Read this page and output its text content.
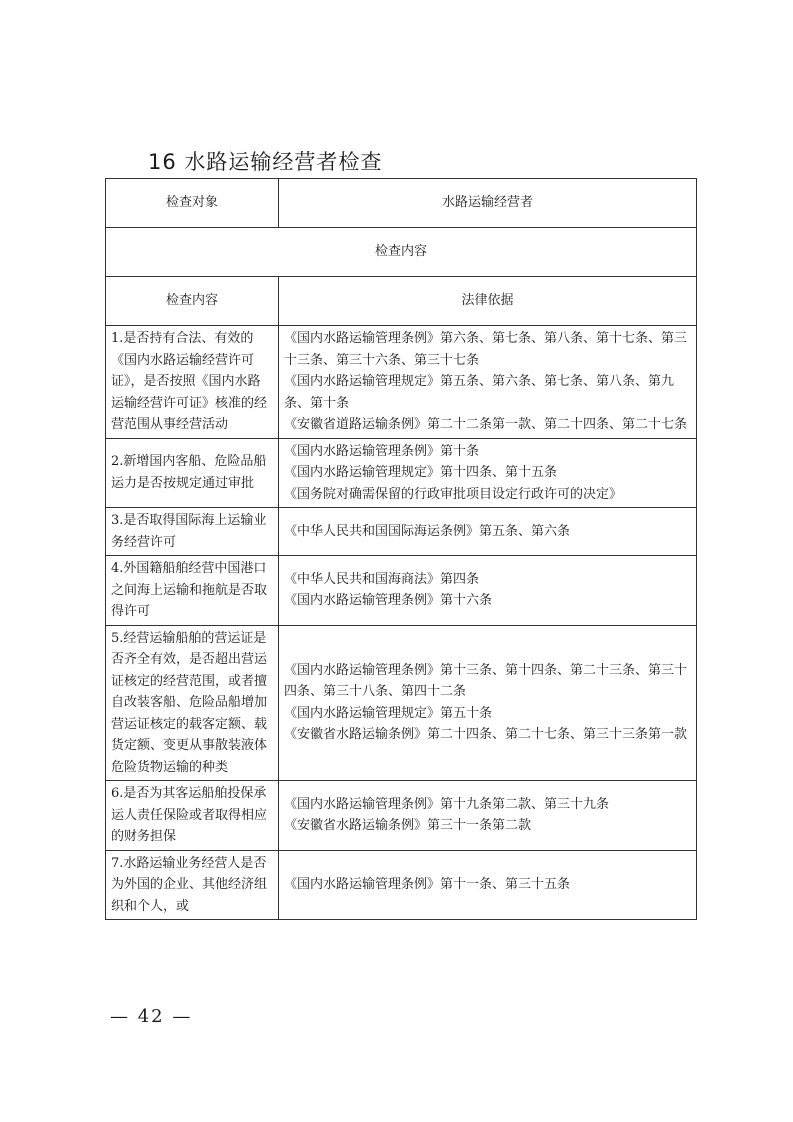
16 水路运输经营者检查
检查对象	水路运输经营者
检查内容	
检查内容	法律依据
1.是否持有合法、有效的《国内水路运输经营许可证》，是否按照《国内水路运输经营许可证》核准的经营范围从事经营活动	《国内水路运输管理条例》第六条、第七条、第八条、第十七条、第三十三条、第三十六条、第三十七条
《国内水路运输管理规定》第五条、第六条、第七条、第八条、第九条、第十条
《安徽省道路运输条例》第二十二条第一款、第二十四条、第二十七条

2.新增国内客船、危险品船运力是否按规定通过审批	《国内水路运输管理条例》第十条
《国内水路运输管理规定》第十四条、第十五条
《国务院对确需保留的行政审批项目设定行政许可的决定》

3.是否取得国际海上运输业务经营许可	《中华人民共和国国际海运条例》第五条、第六条

4.外国籍船舶经营中国港口之间海上运输和拖航是否取得许可	《中华人民共和国海商法》第四条
《国内水路运输管理条例》第十六条

5.经营运输船舶的营运证是否齐全有效，是否超出营运证核定的经营范围，或者擅自改装客船、危险品船增加营运证核定的载客定额、载货定额、变更从事散装液体危险货物运输的种类	《国内水路运输管理条例》第十三条、第十四条、第二十三条、第三十四条、第三十八条、第四十二条
《国内水路运输管理规定》第五十条
《安徽省水路运输条例》第二十四条、第二十七条、第三十三条第一款

6.是否为其客运船舶投保承运人责任保险或者取得相应的财务担保	《国内水路运输管理条例》第十九条第二款、第三十九条
《安徽省水路运输条例》第三十一条第二款

7.水路运输业务经营人是否为外国的企业、其他经济组织和个人，或	《国内水路运输管理条例》第十一条、第三十五条
— 42 —
